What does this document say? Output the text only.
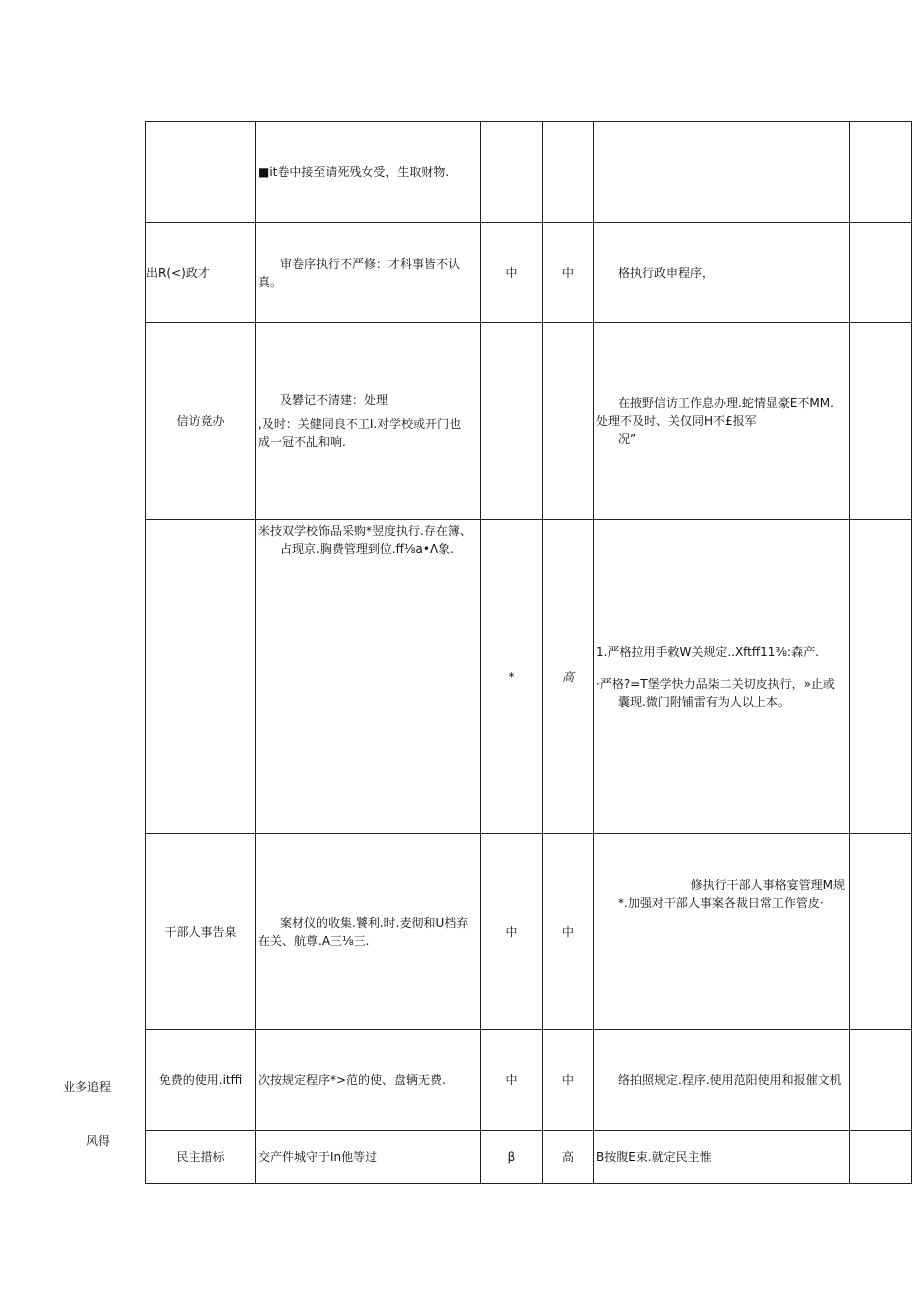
业多追程
风得

	■it卷中接至请死残女受，生取财物.				

出R(<)政才	审卷序执行不严修：才科事皆不认
真。	中	中	格执行政申程序，	

信访竟办	及礬记不清建：处理
,及时：关健同良不工I.对学校或开门也
成一冠不乩和响.			在掖野信访工作息办理.蛇情显豪E不MM.
处理不及时、关仅同H不£报军
况”	

	米技双学校饰品采购*翌度执行.存在簿、
占现京.胸费管理到位.ff⅛a•Λ象.	*	高	1.严格拉用手敕W关规定..Xftff11⅜:森产.
·严格?=T堡学快力品柒二关切皮执行，»止或
囊现.微门附铺雷有为人以上本。	

干部人事告臬	案材仪的收集.饕利.时.麦彻和U档弃
在关、航尊.A三⅛三.	中	中	修执行干部人事格宴管理M规
*.加强对干部人事案各裁日常工作管皮·	

免费的使用.itffi	次按规定程序*>范的使、盘辆无费.	中	中	络拍照规定.程序.使用范阳使用和报催文机	

民主措标	交产件城守于In他等过	β	高	B按腹E束.就定民主惟	
